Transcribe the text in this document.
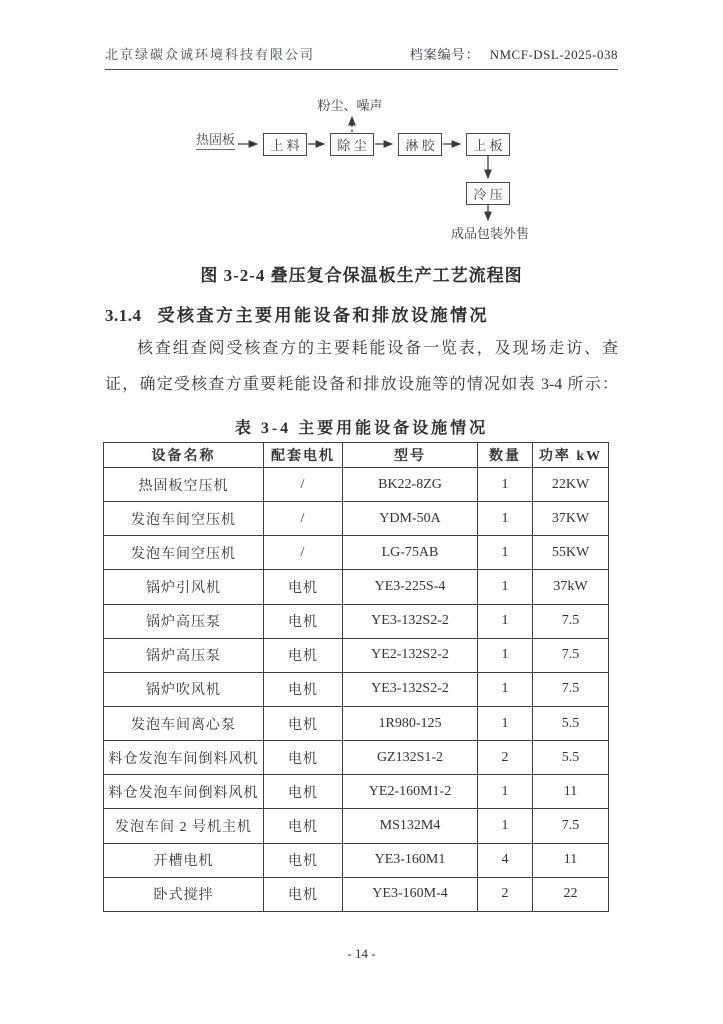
北京绿碳众诚环境科技有限公司	档案编号： NMCF-DSL-2025-038
热固板
粉尘、噪声
上 料	除 尘	淋 胶	上 板
冷 压
成品包装外售
图 3-2-4 叠压复合保温板生产工艺流程图
3.1.4 受核查方主要用能设备和排放设施情况
核查组查阅受核查方的主要耗能设备一览表，及现场走访、查
证，确定受核查方重要耗能设备和排放设施等的情况如表 3-4 所示：
表 3-4 主要用能设备设施情况
设备名称	配套电机	型号	数量	功率 kW
热固板空压机	/	BK22-8ZG	1	22KW
发泡车间空压机	/	YDM-50A	1	37KW
发泡车间空压机	/	LG-75AB	1	55KW
锅炉引风机	电机	YE3-225S-4	1	37kW
锅炉高压泵	电机	YE3-132S2-2	1	7.5
锅炉高压泵	电机	YE2-132S2-2	1	7.5
锅炉吹风机	电机	YE3-132S2-2	1	7.5
发泡车间离心泵	电机	1R980-125	1	5.5
料仓发泡车间倒料风机	电机	GZ132S1-2	2	5.5
料仓发泡车间倒料风机	电机	YE2-160M1-2	1	11
发泡车间 2 号机主机	电机	MS132M4	1	7.5
开槽电机	电机	YE3-160M1	4	11
卧式搅拌	电机	YE3-160M-4	2	22
- 14 -
